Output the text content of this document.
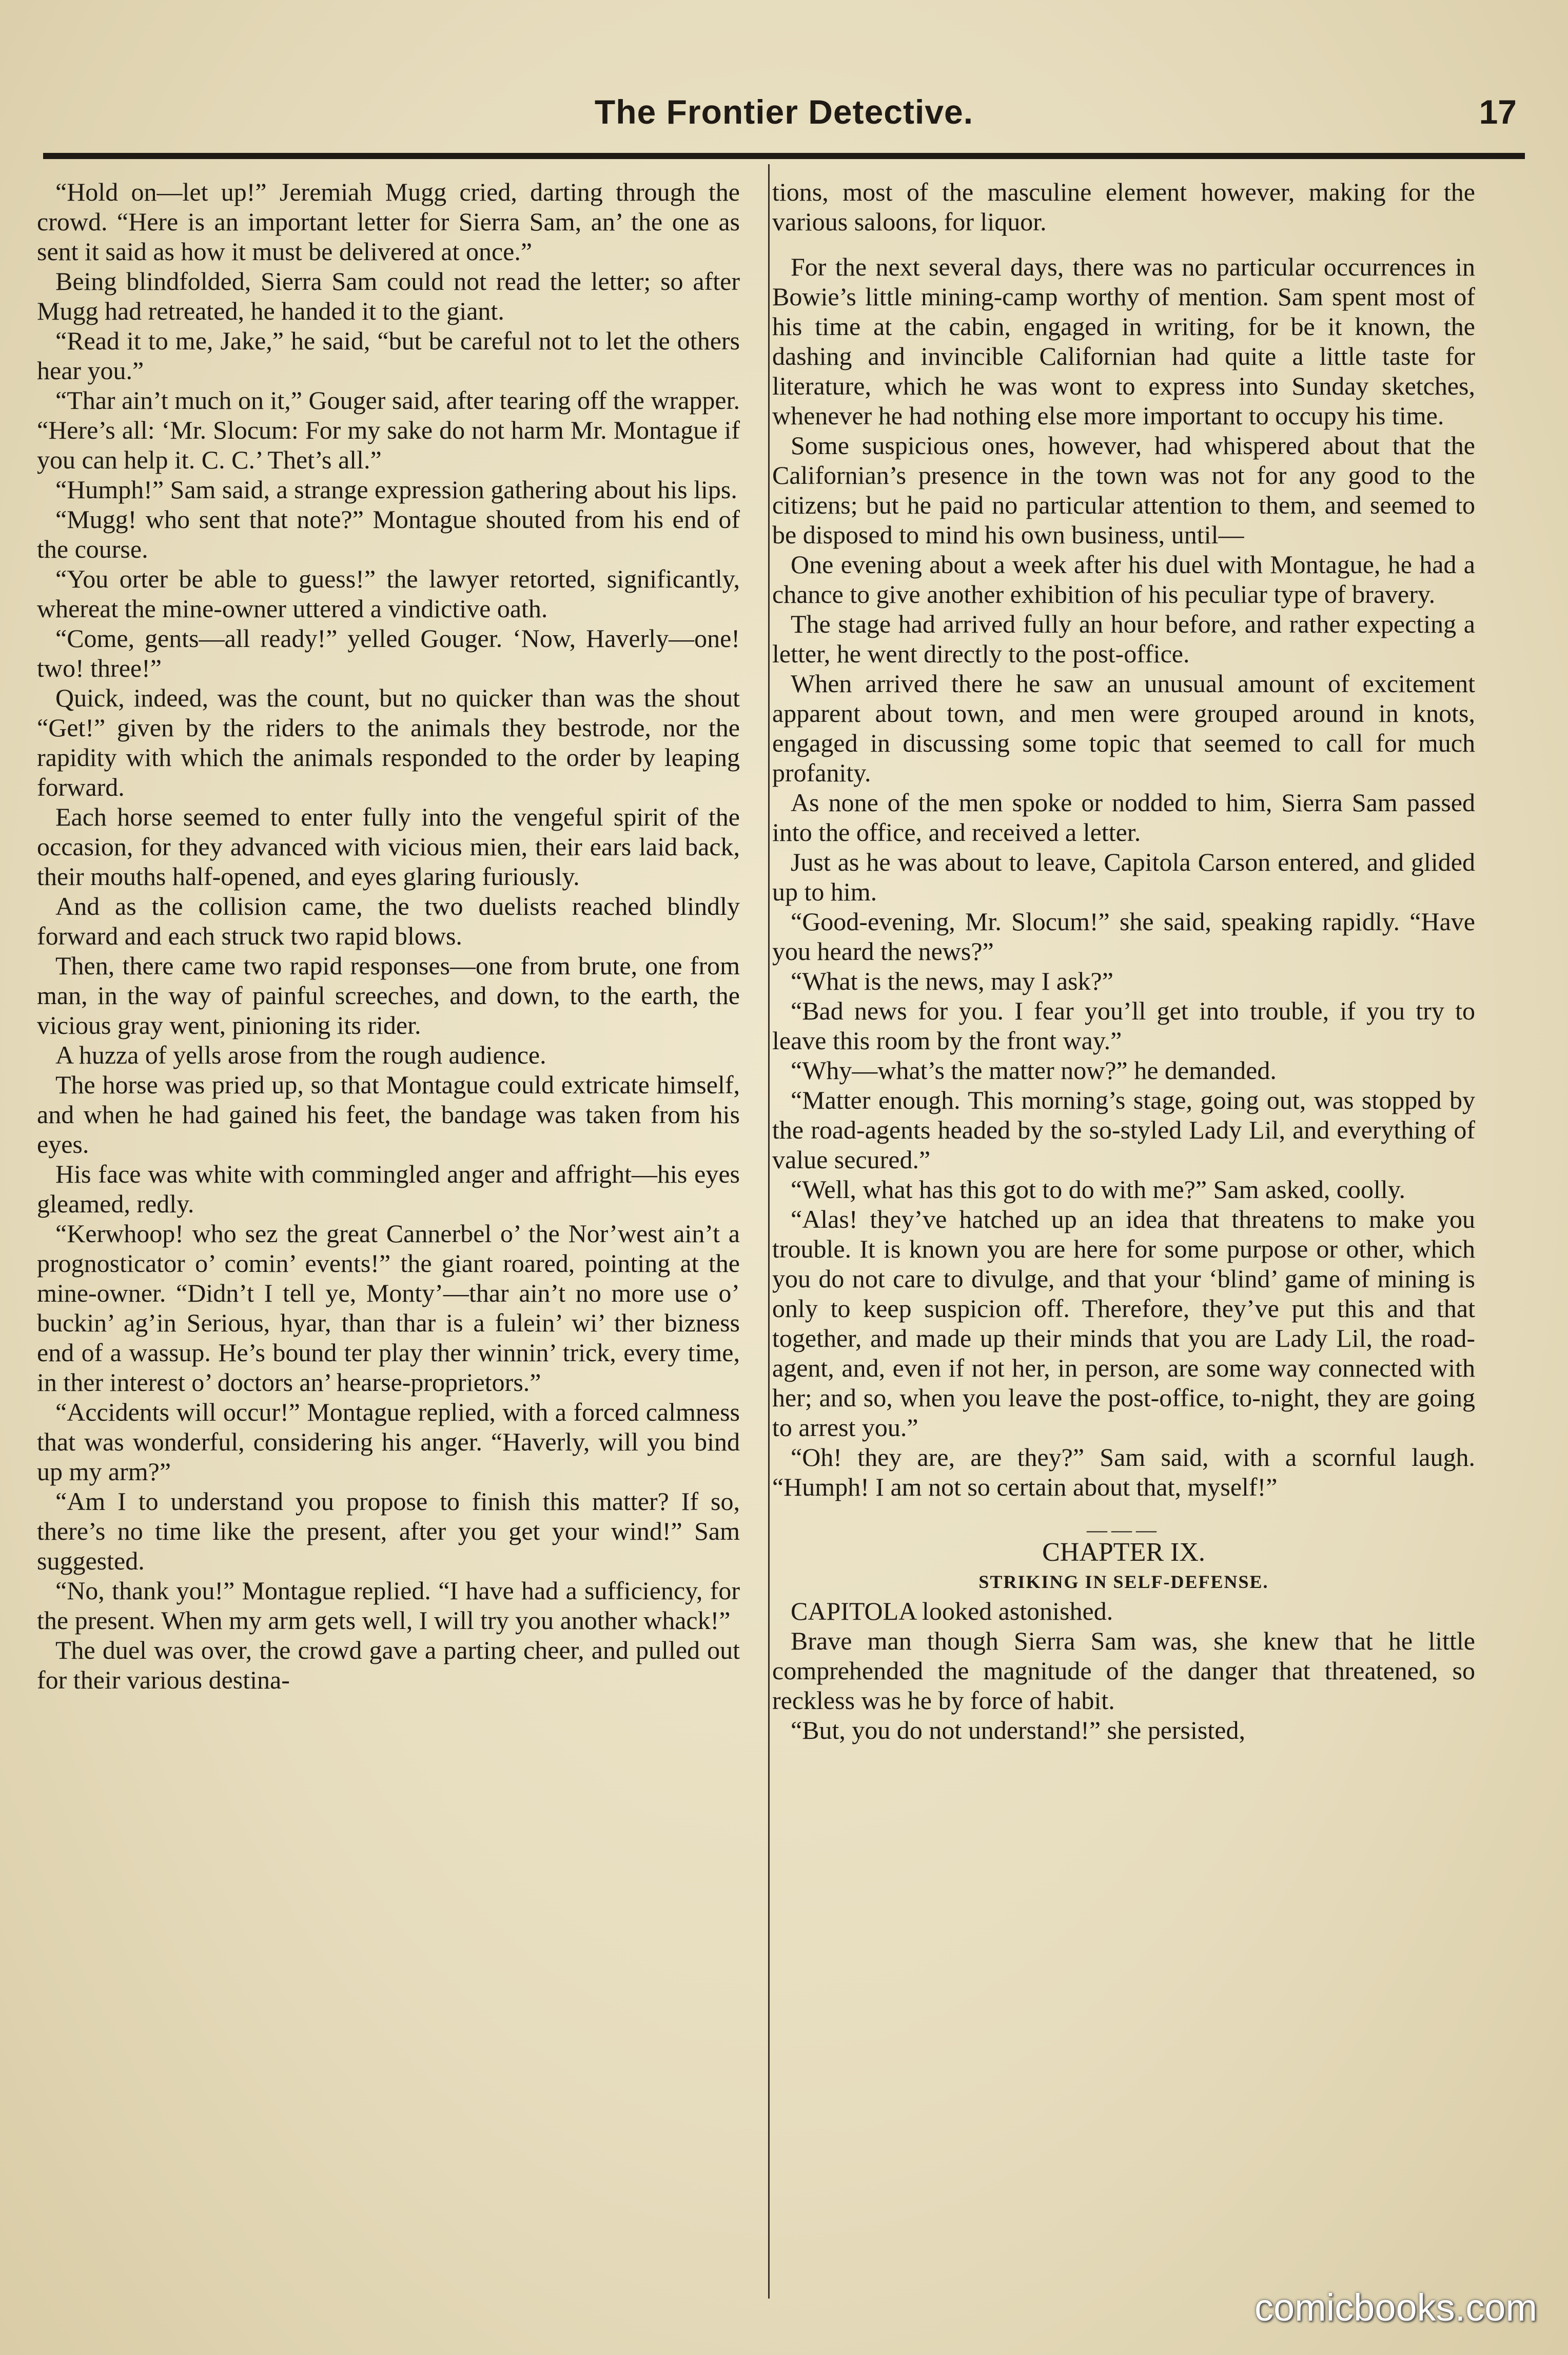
The Frontier Detective.	17

“Hold on—let up!” Jeremiah Mugg cried, darting through the crowd. “Here is an important letter for Sierra Sam, an’ the one as sent it said as how it must be delivered at once.”

Being blindfolded, Sierra Sam could not read the letter; so after Mugg had retreated, he handed it to the giant.

“Read it to me, Jake,” he said, “but be careful not to let the others hear you.”

“Thar ain’t much on it,” Gouger said, after tearing off the wrapper. “Here’s all: ‘Mr. Slocum: For my sake do not harm Mr. Montague if you can help it. C. C.’ Thet’s all.”

“Humph!” Sam said, a strange expression gathering about his lips.

“Mugg! who sent that note?” Montague shouted from his end of the course.

“You orter be able to guess!” the lawyer retorted, significantly, whereat the mine-owner uttered a vindictive oath.

“Come, gents—all ready!” yelled Gouger. ‘Now, Haverly—one! two! three!”

Quick, indeed, was the count, but no quicker than was the shout “Get!” given by the riders to the animals they bestrode, nor the rapidity with which the animals responded to the order by leaping forward.

Each horse seemed to enter fully into the vengeful spirit of the occasion, for they advanced with vicious mien, their ears laid back, their mouths half-opened, and eyes glaring furiously.

And as the collision came, the two duelists reached blindly forward and each struck two rapid blows.

Then, there came two rapid responses—one from brute, one from man, in the way of painful screeches, and down, to the earth, the vicious gray went, pinioning its rider.

A huzza of yells arose from the rough audience.

The horse was pried up, so that Montague could extricate himself, and when he had gained his feet, the bandage was taken from his eyes.

His face was white with commingled anger and affright—his eyes gleamed, redly.

“Kerwhoop! who sez the great Cannerbel o’ the Nor’west ain’t a prognosticator o’ comin’ events!” the giant roared, pointing at the mine-owner. “Didn’t I tell ye, Monty’—thar ain’t no more use o’ buckin’ ag’in Serious, hyar, than thar is a fulein’ wi’ ther bizness end of a wassup. He’s bound ter play ther winnin’ trick, every time, in ther interest o’ doctors an’ hearse-proprietors.”

“Accidents will occur!” Montague replied, with a forced calmness that was wonderful, considering his anger. “Haverly, will you bind up my arm?”

“Am I to understand you propose to finish this matter? If so, there’s no time like the present, after you get your wind!” Sam suggested.

“No, thank you!” Montague replied. “I have had a sufficiency, for the present. When my arm gets well, I will try you another whack!”

The duel was over, the crowd gave a parting cheer, and pulled out for their various destina-

tions, most of the masculine element however, making for the various saloons, for liquor.

For the next several days, there was no particular occurrences in Bowie’s little mining-camp worthy of mention. Sam spent most of his time at the cabin, engaged in writing, for be it known, the dashing and invincible Californian had quite a little taste for literature, which he was wont to express into Sunday sketches, whenever he had nothing else more important to occupy his time.

Some suspicious ones, however, had whispered about that the Californian’s presence in the town was not for any good to the citizens; but he paid no particular attention to them, and seemed to be disposed to mind his own business, until—

One evening about a week after his duel with Montague, he had a chance to give another exhibition of his peculiar type of bravery.

The stage had arrived fully an hour before, and rather expecting a letter, he went directly to the post-office.

When arrived there he saw an unusual amount of excitement apparent about town, and men were grouped around in knots, engaged in discussing some topic that seemed to call for much profanity.

As none of the men spoke or nodded to him, Sierra Sam passed into the office, and received a letter.

Just as he was about to leave, Capitola Carson entered, and glided up to him.

“Good-evening, Mr. Slocum!” she said, speaking rapidly. “Have you heard the news?”

“What is the news, may I ask?”

“Bad news for you. I fear you’ll get into trouble, if you try to leave this room by the front way.”

“Why—what’s the matter now?” he demanded.

“Matter enough. This morning’s stage, going out, was stopped by the road-agents headed by the so-styled Lady Lil, and everything of value secured.”

“Well, what has this got to do with me?” Sam asked, coolly.

“Alas! they’ve hatched up an idea that threatens to make you trouble. It is known you are here for some purpose or other, which you do not care to divulge, and that your ‘blind’ game of mining is only to keep suspicion off. Therefore, they’ve put this and that together, and made up their minds that you are Lady Lil, the road-agent, and, even if not her, in person, are some way connected with her; and so, when you leave the post-office, to-night, they are going to arrest you.”

“Oh! they are, are they?” Sam said, with a scornful laugh. “Humph! I am not so certain about that, myself!”

———
CHAPTER IX.
STRIKING IN SELF-DEFENSE.

CAPITOLA looked astonished.

Brave man though Sierra Sam was, she knew that he little comprehended the magnitude of the danger that threatened, so reckless was he by force of habit.

“But, you do not understand!” she persisted,

comicbooks.com
